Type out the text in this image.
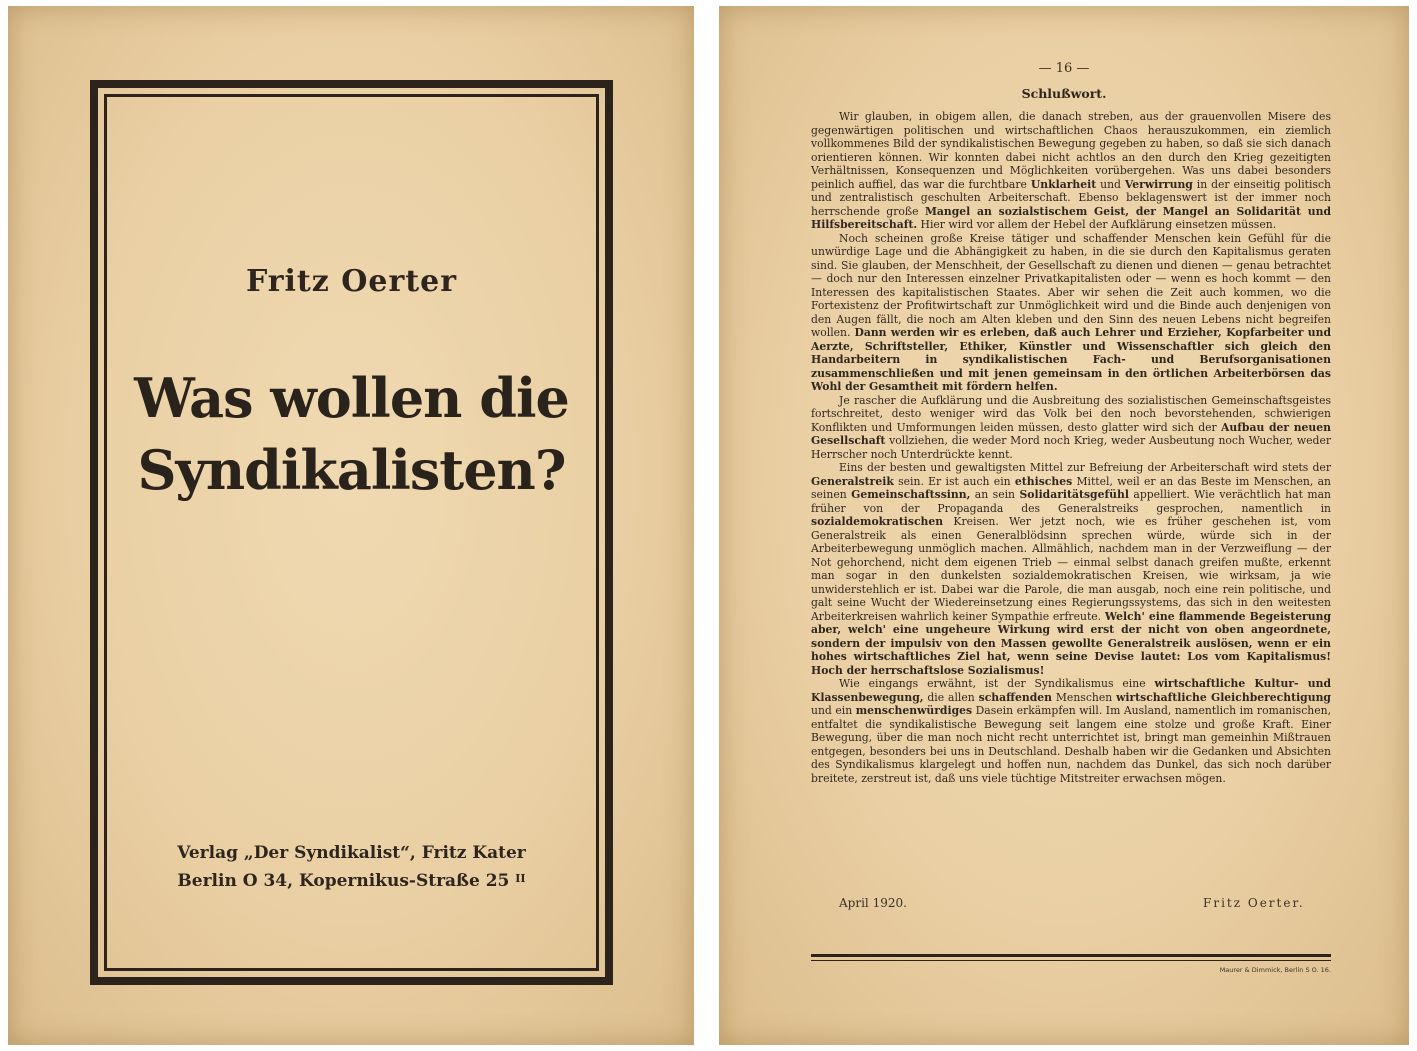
Fritz Oerter
Was wollen die
Syndikalisten?
Verlag „Der Syndikalist“, Fritz Kater
Berlin O 34, Kopernikus-Straße 25 $^{II}$
— 16 —
Schlußwort.

Wir glauben, in obigem allen, die danach streben, aus der grauenvollen Misere des gegenwärtigen politischen und wirtschaftlichen Chaos herauszukommen, ein ziemlich vollkommenes Bild der syndikalistischen Bewegung gegeben zu haben, so daß sie sich danach orientieren können. Wir konnten dabei nicht achtlos an den durch den Krieg gezeitigten Verhältnissen, Konsequenzen und Möglichkeiten vorübergehen. Was uns dabei besonders peinlich auffiel, das war die furchtbare Unklarheit und Verwirrung in der einseitig politisch und zentralistisch geschulten Arbeiterschaft. Ebenso beklagenswert ist der immer noch herrschende große Mangel an sozialstischem Geist, der Mangel an Solidarität und Hilfsbereitschaft. Hier wird vor allem der Hebel der Aufklärung einsetzen müssen.

Noch scheinen große Kreise tätiger und schaffender Menschen kein Gefühl für die unwürdige Lage und die Abhängigkeit zu haben, in die sie durch den Kapitalismus geraten sind. Sie glauben, der Menschheit, der Gesellschaft zu dienen und dienen — genau betrachtet — doch nur den Interessen einzelner Privatkapitalisten oder — wenn es hoch kommt — den Interessen des kapitalistischen Staates. Aber wir sehen die Zeit auch kommen, wo die Fortexistenz der Profitwirtschaft zur Unmöglichkeit wird und die Binde auch denjenigen von den Augen fällt, die noch am Alten kleben und den Sinn des neuen Lebens nicht begreifen wollen. Dann werden wir es erleben, daß auch Lehrer und Erzieher, Kopfarbeiter und Aerzte, Schriftsteller, Ethiker, Künstler und Wissenschaftler sich gleich den Handarbeitern in syndikalistischen Fach- und Berufsorganisationen zusammenschließen und mit jenen gemeinsam in den örtlichen Arbeiterbörsen das Wohl der Gesamtheit mit fördern helfen.

Je rascher die Aufklärung und die Ausbreitung des sozialistischen Gemeinschaftsgeistes fortschreitet, desto weniger wird das Volk bei den noch bevorstehenden, schwierigen Konflikten und Umformungen leiden müssen, desto glatter wird sich der Aufbau der neuen Gesellschaft vollziehen, die weder Mord noch Krieg, weder Ausbeutung noch Wucher, weder Herrscher noch Unterdrückte kennt.

Eins der besten und gewaltigsten Mittel zur Befreiung der Arbeiterschaft wird stets der Generalstreik sein. Er ist auch ein ethisches Mittel, weil er an das Beste im Menschen, an seinen Gemeinschaftssinn, an sein Solidaritätsgefühl appelliert. Wie verächtlich hat man früher von der Propaganda des Generalstreiks gesprochen, namentlich in sozialdemokratischen Kreisen. Wer jetzt noch, wie es früher geschehen ist, vom Generalstreik als einen Generalblödsinn sprechen würde, würde sich in der Arbeiterbewegung unmöglich machen. Allmählich, nachdem man in der Verzweiflung — der Not gehorchend, nicht dem eigenen Trieb — einmal selbst danach greifen mußte, erkennt man sogar in den dunkelsten sozialdemokratischen Kreisen, wie wirksam, ja wie unwiderstehlich er ist. Dabei war die Parole, die man ausgab, noch eine rein politische, und galt seine Wucht der Wiedereinsetzung eines Regierungssystems, das sich in den weitesten Arbeiterkreisen wahrlich keiner Sympathie erfreute. Welch' eine flammende Begeisterung aber, welch' eine ungeheure Wirkung wird erst der nicht von oben angeordnete, sondern der impulsiv von den Massen gewollte Generalstreik auslösen, wenn er ein hohes wirtschaftliches Ziel hat, wenn seine Devise lautet: Los vom Kapitalismus! Hoch der herrschaftslose Sozialismus!

Wie eingangs erwähnt, ist der Syndikalismus eine wirtschaftliche Kultur- und Klassenbewegung, die allen schaffenden Menschen wirtschaftliche Gleichberechtigung und ein menschenwürdiges Dasein erkämpfen will. Im Ausland, namentlich im romanischen, entfaltet die syndikalistische Bewegung seit langem eine stolze und große Kraft. Einer Bewegung, über die man noch nicht recht unterrichtet ist, bringt man gemeinhin Mißtrauen entgegen, besonders bei uns in Deutschland. Deshalb haben wir die Gedanken und Absichten des Syndikalismus klargelegt und hoffen nun, nachdem das Dunkel, das sich noch darüber breitete, zerstreut ist, daß uns viele tüchtige Mitstreiter erwachsen mögen.

April 1920.	Fritz Oerter.
Maurer & Dimmick, Berlin S O. 16.
